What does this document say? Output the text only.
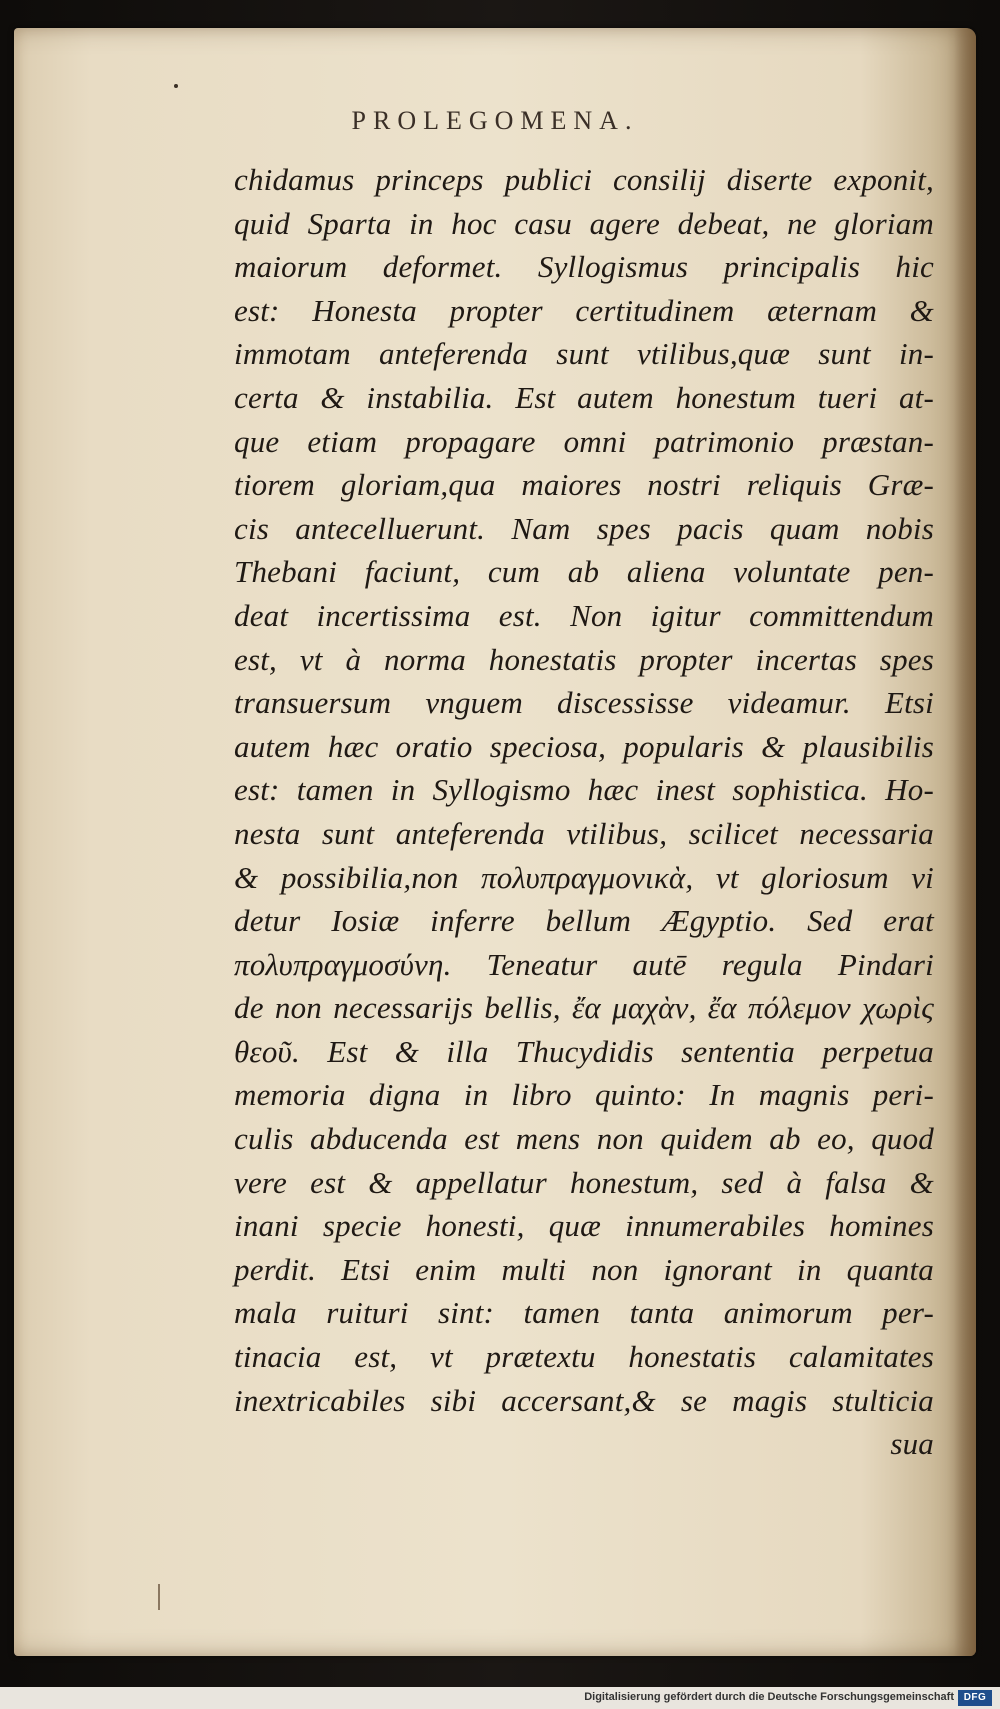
PROLEGOMENA.
chidamus princeps publici consilij diserte exponit,
quid Sparta in hoc casu agere debeat, ne gloriam
maiorum deformet. Syllogismus principalis hic
est: Honesta propter certitudinem æternam &
immotam anteferenda sunt vtilibus,quæ sunt in-
certa & instabilia. Est autem honestum tueri at-
que etiam propagare omni patrimonio præstan-
tiorem gloriam,qua maiores nostri reliquis Græ-
cis antecelluerunt. Nam spes pacis quam nobis
Thebani faciunt, cum ab aliena voluntate pen-
deat incertissima est. Non igitur committendum
est, vt à norma honestatis propter incertas spes
transuersum vnguem discessisse videamur. Etsi
autem hæc oratio speciosa, popularis & plausibilis
est: tamen in Syllogismo hæc inest sophistica. Ho-
nesta sunt anteferenda vtilibus, scilicet necessaria
& possibilia,non πολυπραγμονικὰ, vt gloriosum vi
detur Iosiæ inferre bellum Ægyptio. Sed erat
πολυπραγμοσύνη. Teneatur autē regula Pindari
de non necessarijs bellis, ἔα μαχὰν, ἔα πόλεμον χωρὶς
θεοῦ. Est & illa Thucydidis sententia perpetua
memoria digna in libro quinto: In magnis peri-
culis abducenda est mens non quidem ab eo, quod
vere est & appellatur honestum, sed à falsa &
inani specie honesti, quæ innumerabiles homines
perdit. Etsi enim multi non ignorant in quanta
mala ruituri sint: tamen tanta animorum per-
tinacia est, vt prætextu honestatis calamitates
inextricabiles sibi accersant,& se magis stulticia
sua
Digitalisierung gefördert durch die Deutsche Forschungsgemeinschaft DFG
